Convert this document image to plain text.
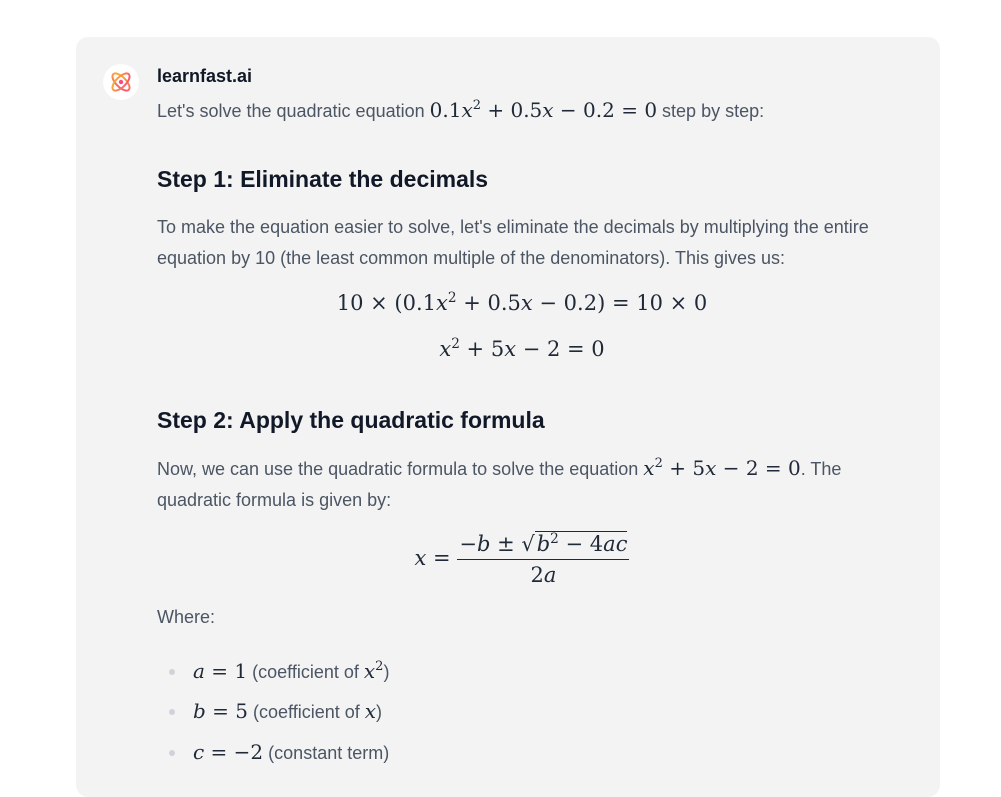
learnfast.ai
Let's solve the quadratic equation $0.1x^2 + 0.5x - 0.2 = 0$ step by step:
Step 1: Eliminate the decimals
To make the equation easier to solve, let's eliminate the decimals by multiplying the entire equation by 10 (the least common multiple of the denominators). This gives us:
$10 \times (0.1x^2 + 0.5x - 0.2) = 10 \times 0$
$x^2 + 5x - 2 = 0$
Step 2: Apply the quadratic formula
Now, we can use the quadratic formula to solve the equation $x^2 + 5x - 2 = 0$. The quadratic formula is given by:
$x = \frac{-b \pm √b^2 - 4ac}{2a}$
Where:
a = 1 (coefficient of $x^2$)
b = 5 (coefficient of x)
c = −2 (constant term)
